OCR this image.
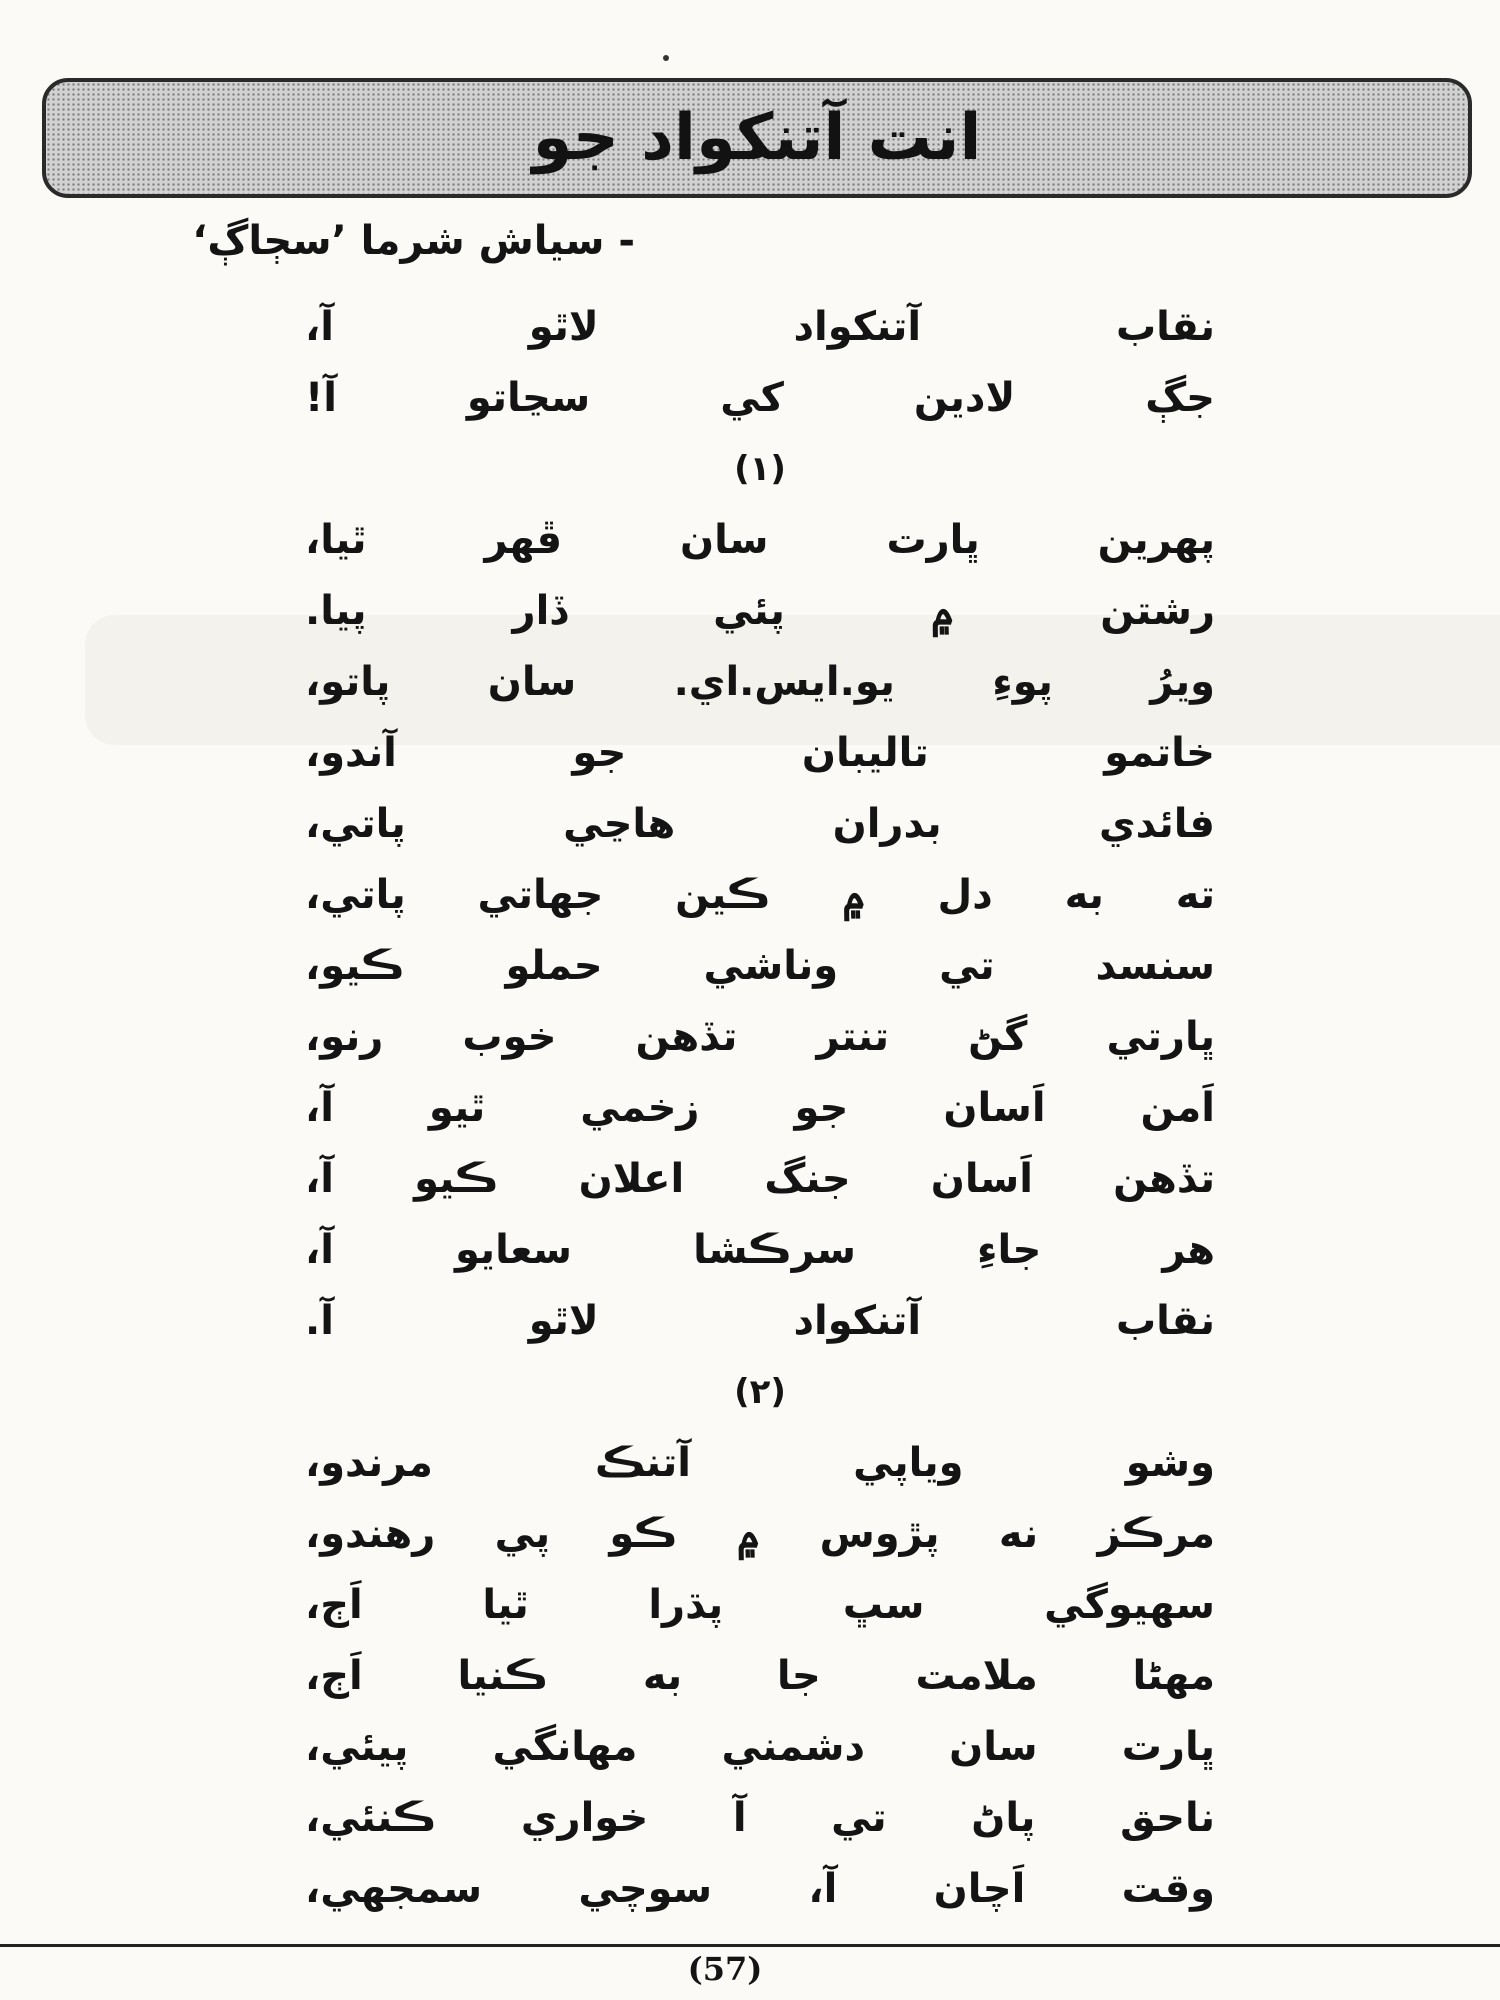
انت آتنکواد جو
- سياش شرما ’سڄاڳ‘
نقاب آتنکواد لاٿو آ،
جڳ لادين کي سڃاتو آ!
(۱)
پهرين ڀارت سان ڦهر ٿيا،
رشتن ۾ پئي ڏار پيا.
ويرُ پوءِ يو.ايس.اي. سان پاتو،
خاتمو تاليبان جو آندو،
فائدي بدران هاڃي پاتي،
ته به دل ۾ ڪين جهاتي پاتي،
سنسد تي وناشي حملو ڪيو،
ڀارتي گڻ تنتر تڏهن خوب رنو،
اَمن اَسان جو زخمي ٿيو آ،
تڏهن اَسان جنگ اعلان ڪيو آ،
هر جاءِ سرڪشا سعايو آ،
نقاب آتنکواد لاٿو آ.
(۲)
وشو وياپي آتنڪ مرندو،
مرڪز نه پڙوس ۾ ڪو پي رهندو،
سهيوگي سڀ پڌرا ٿيا اَڄ،
مهڻا ملامت جا به ڪنيا اَڄ،
ڀارت سان دشمني مهانگي پيئي،
ناحق پاڻ تي آ خواري ڪنئي،
وقت اَچان آ، سوچي سمجهي،
(57)
